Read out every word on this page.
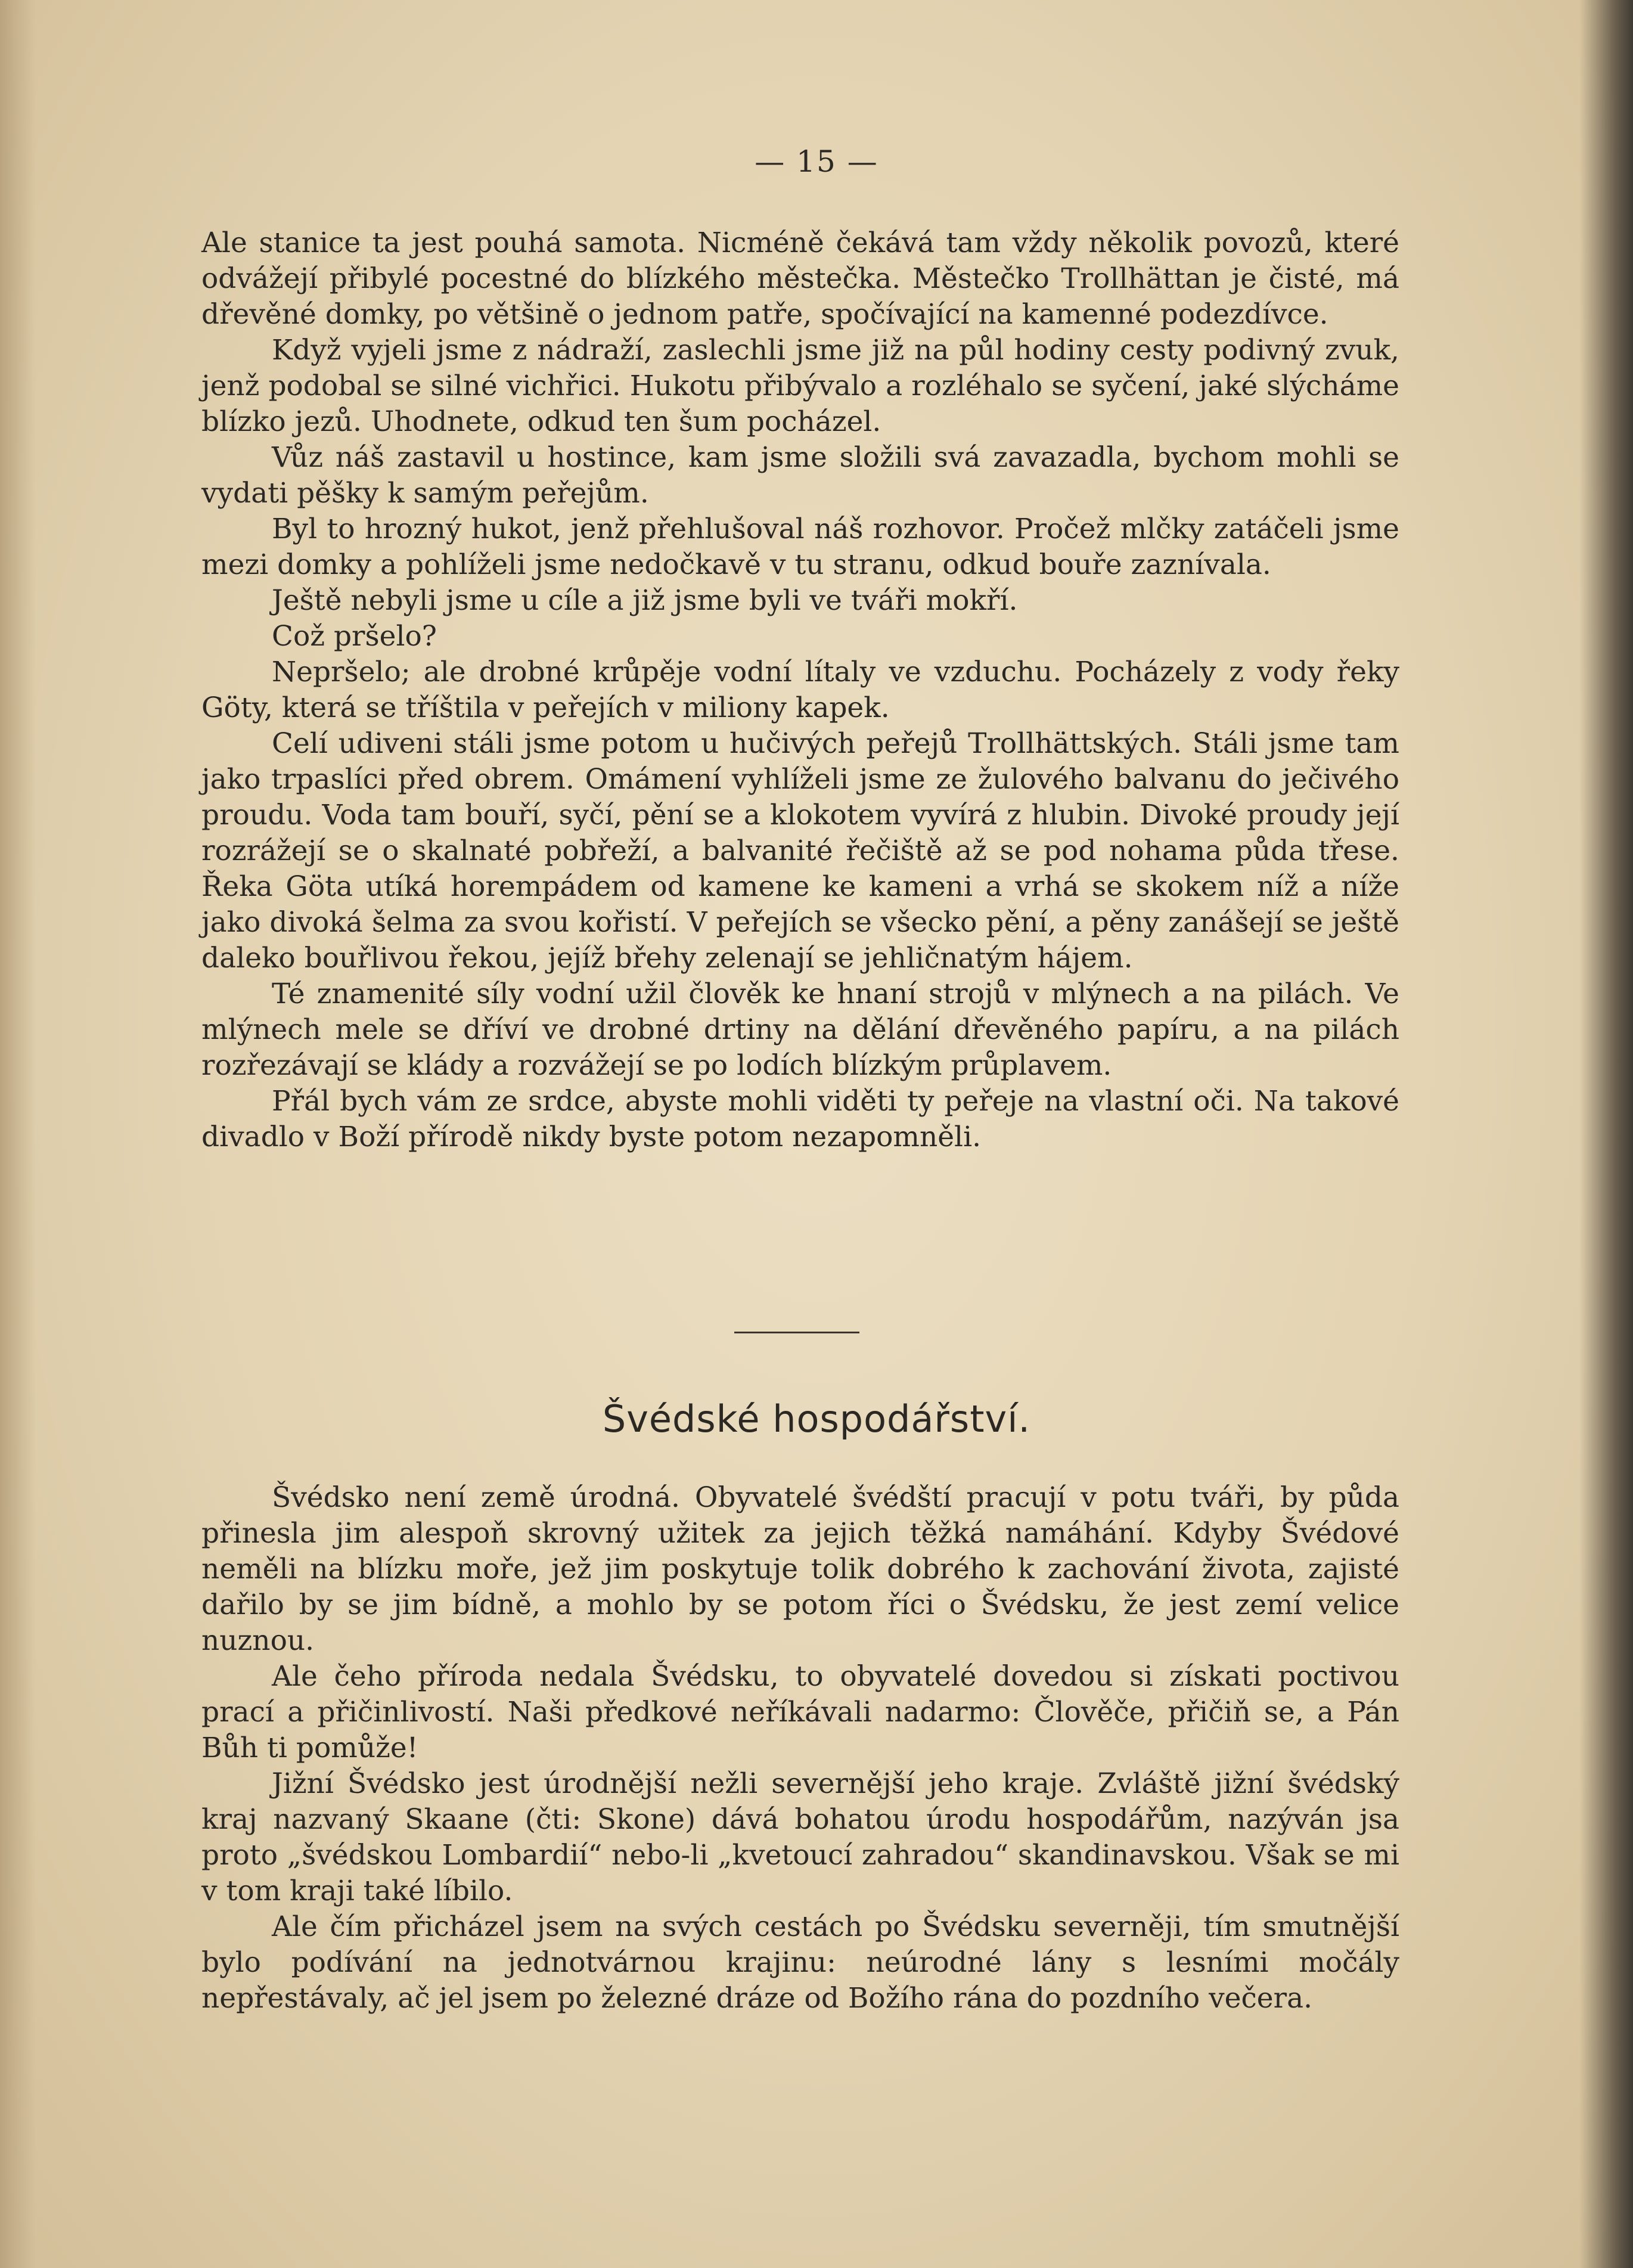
— 15 —

Ale stanice ta jest pouhá samota. Nicméně čekává tam vždy několik povozů, které odvážejí přibylé pocestné do blízkého městečka. Městečko Trollhättan je čisté, má dřevěné domky, po většině o jednom patře, spočívající na kamenné podezdívce.

Když vyjeli jsme z nádraží, zaslechli jsme již na půl hodiny cesty podivný zvuk, jenž podobal se silné vichřici. Hukotu přibývalo a rozléhalo se syčení, jaké slýcháme blízko jezů. Uhodnete, odkud ten šum pocházel.

Vůz náš zastavil u hostince, kam jsme složili svá zavazadla, bychom mohli se vydati pěšky k samým peřejům.

Byl to hrozný hukot, jenž přehlušoval náš rozhovor. Pročež mlčky zatáčeli jsme mezi domky a pohlíželi jsme nedočkavě v tu stranu, odkud bouře zaznívala.

Ještě nebyli jsme u cíle a již jsme byli ve tváři mokří.

Což pršelo?

Nepršelo; ale drobné krůpěje vodní lítaly ve vzduchu. Pocházely z vody řeky Göty, která se tříštila v peřejích v miliony kapek.

Celí udiveni stáli jsme potom u hučivých peřejů Trollhättských. Stáli jsme tam jako trpaslíci před obrem. Omámení vyhlíželi jsme ze žulového balvanu do ječivého proudu. Voda tam bouří, syčí, pění se a klokotem vyvírá z hlubin. Divoké proudy její rozrážejí se o skalnaté pobřeží, a balvanité řečiště až se pod nohama půda třese. Řeka Göta utíká horempádem od kamene ke kameni a vrhá se skokem níž a níže jako divoká šelma za svou kořistí. V peřejích se všecko pění, a pěny zanášejí se ještě daleko bouřlivou řekou, jejíž břehy zelenají se jehličnatým hájem.

Té znamenité síly vodní užil člověk ke hnaní strojů v mlýnech a na pilách. Ve mlýnech mele se dříví ve drobné drtiny na dělání dřevěného papíru, a na pilách rozřezávají se klády a rozvážejí se po lodích blízkým průplavem.

Přál bych vám ze srdce, abyste mohli viděti ty peřeje na vlastní oči. Na takové divadlo v Boží přírodě nikdy byste potom nezapomněli.

Švédské hospodářství.

Švédsko není země úrodná. Obyvatelé švédští pracují v potu tváři, by půda přinesla jim alespoň skrovný užitek za jejich těžká namáhání. Kdyby Švédové neměli na blízku moře, jež jim poskytuje tolik dobrého k zachování života, zajisté dařilo by se jim bídně, a mohlo by se potom říci o Švédsku, že jest zemí velice nuznou.

Ale čeho příroda nedala Švédsku, to obyvatelé dovedou si získati poctivou prací a přičinlivostí. Naši předkové neříkávali nadarmo: Člověče, přičiň se, a Pán Bůh ti pomůže!

Jižní Švédsko jest úrodnější nežli severnější jeho kraje. Zvláště jižní švédský kraj nazvaný Skaane (čti: Skone) dává bohatou úrodu hospodářům, nazýván jsa proto „švédskou Lombardií“ nebo-li „kvetoucí zahradou“ skandinavskou. Však se mi v tom kraji také líbilo.

Ale čím přicházel jsem na svých cestách po Švédsku severněji, tím smutnější bylo podívání na jednotvárnou krajinu: neúrodné lány s lesními močály nepřestávaly, ač jel jsem po železné dráze od Božího rána do pozdního večera.
